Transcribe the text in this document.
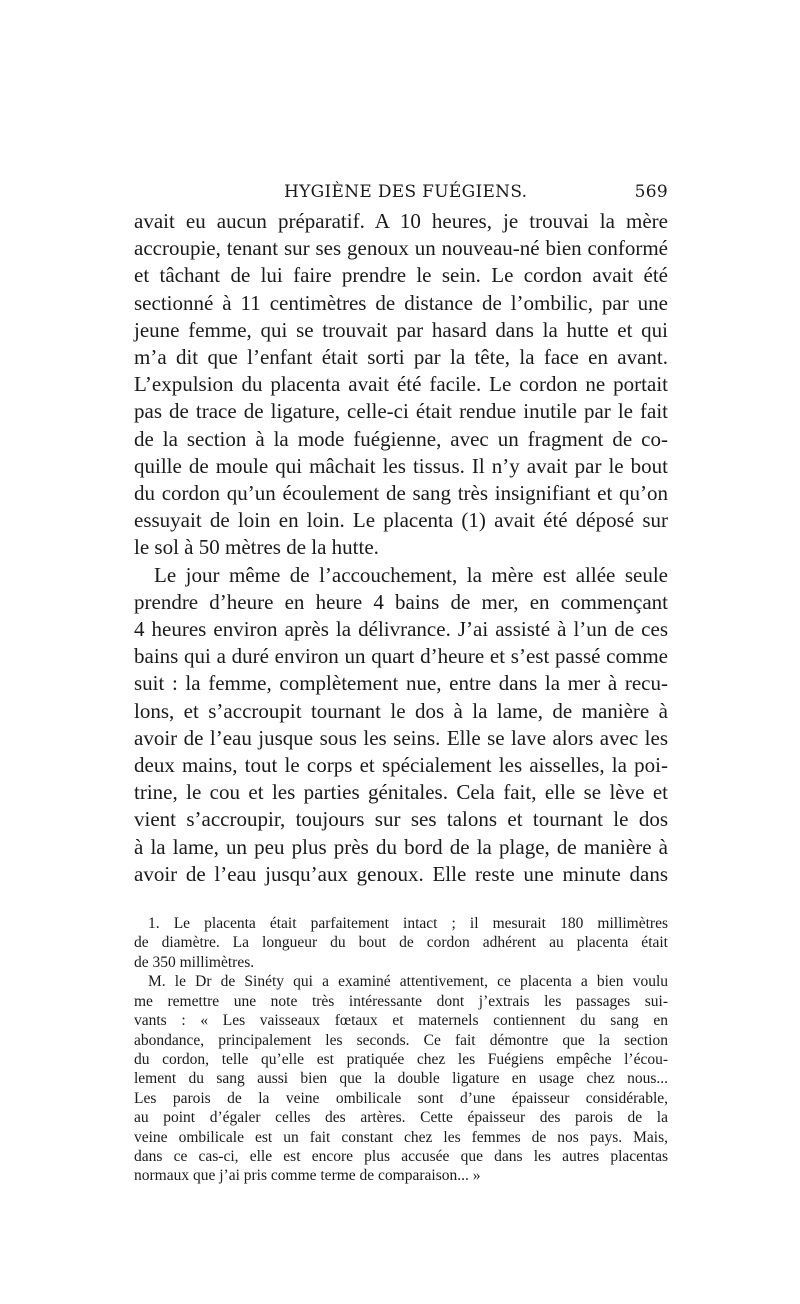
HYGIÈNE DES FUÉGIENS.	569

avait eu aucun préparatif. A 10 heures, je trouvai la mère

accroupie, tenant sur ses genoux un nouveau-né bien conformé

et tâchant de lui faire prendre le sein. Le cordon avait été

sectionné à 11 centimètres de distance de l’ombilic, par une

jeune femme, qui se trouvait par hasard dans la hutte et qui

m’a dit que l’enfant était sorti par la tête, la face en avant.

L’expulsion du placenta avait été facile. Le cordon ne portait

pas de trace de ligature, celle-ci était rendue inutile par le fait

de la section à la mode fuégienne, avec un fragment de co-

quille de moule qui mâchait les tissus. Il n’y avait par le bout

du cordon qu’un écoulement de sang très insignifiant et qu’on

essuyait de loin en loin. Le placenta (1) avait été déposé sur

le sol à 50 mètres de la hutte.

Le jour même de l’accouchement, la mère est allée seule

prendre d’heure en heure 4 bains de mer, en commençant

4 heures environ après la délivrance. J’ai assisté à l’un de ces

bains qui a duré environ un quart d’heure et s’est passé comme

suit : la femme, complètement nue, entre dans la mer à recu-

lons, et s’accroupit tournant le dos à la lame, de manière à

avoir de l’eau jusque sous les seins. Elle se lave alors avec les

deux mains, tout le corps et spécialement les aisselles, la poi-

trine, le cou et les parties génitales. Cela fait, elle se lève et

vient s’accroupir, toujours sur ses talons et tournant le dos

à la lame, un peu plus près du bord de la plage, de manière à

avoir de l’eau jusqu’aux genoux. Elle reste une minute dans

1. Le placenta était parfaitement intact ; il mesurait 180 millimètres

de diamètre. La longueur du bout de cordon adhérent au placenta était

de 350 millimètres.

M. le Dr de Sinéty qui a examiné attentivement, ce placenta a bien voulu

me remettre une note très intéressante dont j’extrais les passages sui-

vants : « Les vaisseaux fœtaux et maternels contiennent du sang en

abondance, principalement les seconds. Ce fait démontre que la section

du cordon, telle qu’elle est pratiquée chez les Fuégiens empêche l’écou-

lement du sang aussi bien que la double ligature en usage chez nous...

Les parois de la veine ombilicale sont d’une épaisseur considérable,

au point d’égaler celles des artères. Cette épaisseur des parois de la

veine ombilicale est un fait constant chez les femmes de nos pays. Mais,

dans ce cas-ci, elle est encore plus accusée que dans les autres placentas

normaux que j’ai pris comme terme de comparaison... »
